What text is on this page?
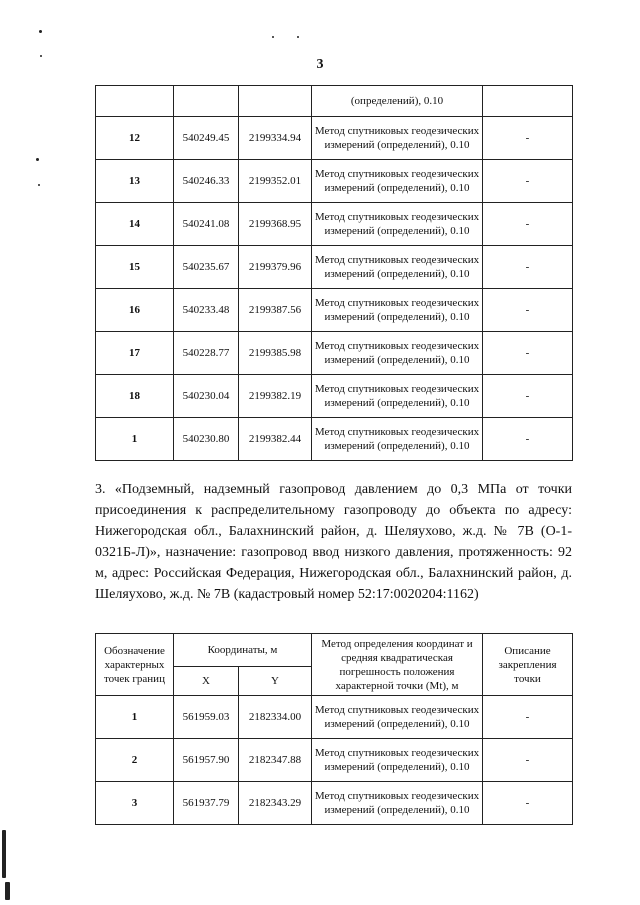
3
			(определений), 0.10	
12	540249.45	2199334.94	Метод спутниковых геодезических измерений (определений), 0.10	-
13	540246.33	2199352.01	Метод спутниковых геодезических измерений (определений), 0.10	-
14	540241.08	2199368.95	Метод спутниковых геодезических измерений (определений), 0.10	-
15	540235.67	2199379.96	Метод спутниковых геодезических измерений (определений), 0.10	-
16	540233.48	2199387.56	Метод спутниковых геодезических измерений (определений), 0.10	-
17	540228.77	2199385.98	Метод спутниковых геодезических измерений (определений), 0.10	-
18	540230.04	2199382.19	Метод спутниковых геодезических измерений (определений), 0.10	-
1	540230.80	2199382.44	Метод спутниковых геодезических измерений (определений), 0.10	-
3. «Подземный, надземный газопровод давлением до 0,3 МПа от точки присоединения к распределительному газопроводу до объекта по адресу: Нижегородская обл., Балахнинский район, д. Шеляухово, ж.д. № 7В (О-1-0321Б-Л)», назначение: газопровод ввод низкого давления, протяженность: 92 м, адрес: Российская Федерация, Нижегородская обл., Балахнинский район, д. Шеляухово, ж.д. № 7В (кадастровый номер 52:17:0020204:1162)
Обозначение характерных точек границ	Координаты, м		Метод определения координат и средняя квадратическая погрешность положения характерной точки (Mt), м	Описание закрепления точки
	X	Y		
1	561959.03	2182334.00	Метод спутниковых геодезических измерений (определений), 0.10	-
2	561957.90	2182347.88	Метод спутниковых геодезических измерений (определений), 0.10	-
3	561937.79	2182343.29	Метод спутниковых геодезических измерений (определений), 0.10	-
